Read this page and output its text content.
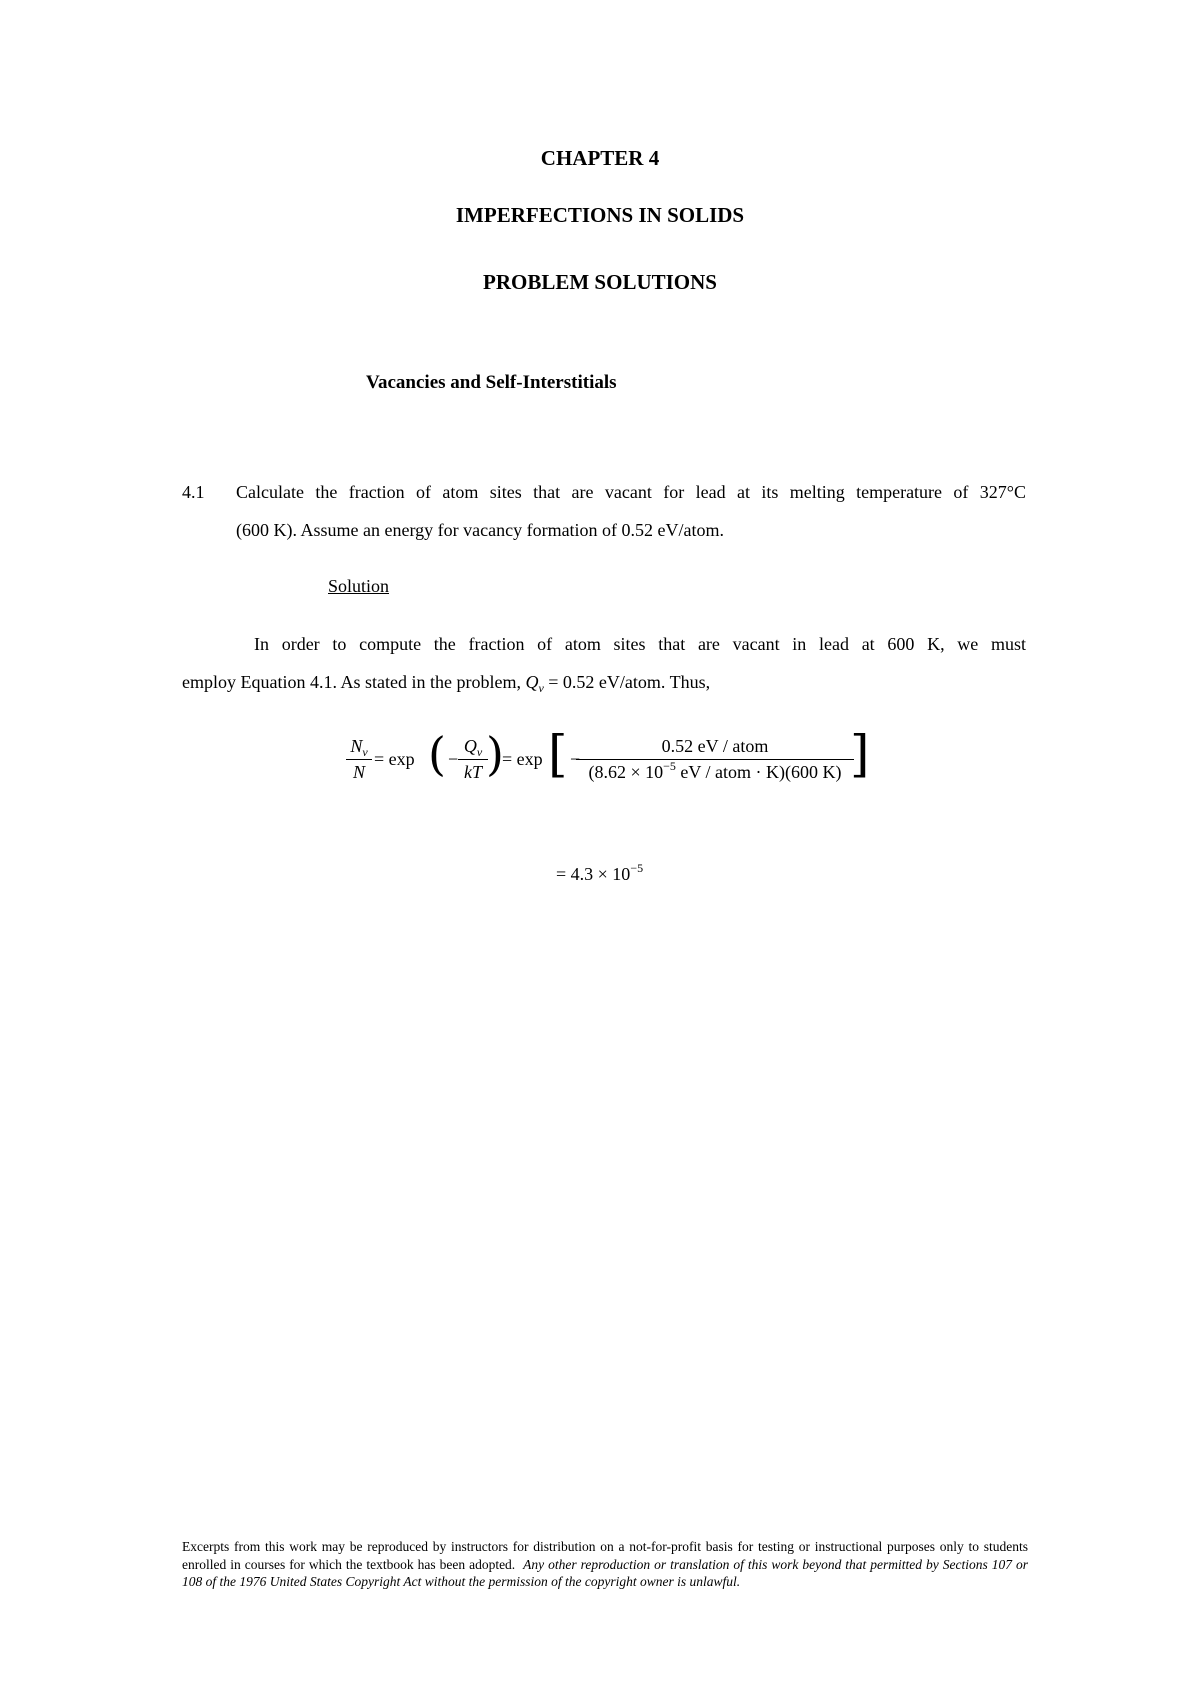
CHAPTER 4
IMPERFECTIONS IN SOLIDS
PROBLEM SOLUTIONS
Vacancies and Self-Interstitials
4.1 Calculate the fraction of atom sites that are vacant for lead at its melting temperature of 327°C
(600 K). Assume an energy for vacancy formation of 0.52 eV/atom.
Solution
In order to compute the fraction of atom sites that are vacant in lead at 600 K, we must
employ Equation 4.1. As stated in the problem, $Q_v = 0.52$ eV/atom. Thus,
$N_v$
N
= exp ( −
$Q_v$
kT )
= exp [ −
0.52 eV / atom
($8.62 \times 10^{-5}$ eV / atom · K)(600 K) ]
= $4.3 \times 10^{-5}$
Excerpts from this work may be reproduced by instructors for distribution on a not-for-profit basis for testing or instructional purposes only to students enrolled in courses for which the textbook has been adopted. Any other reproduction or translation of this work beyond that permitted by Sections 107 or 108 of the 1976 United States Copyright Act without the permission of the copyright owner is unlawful.
